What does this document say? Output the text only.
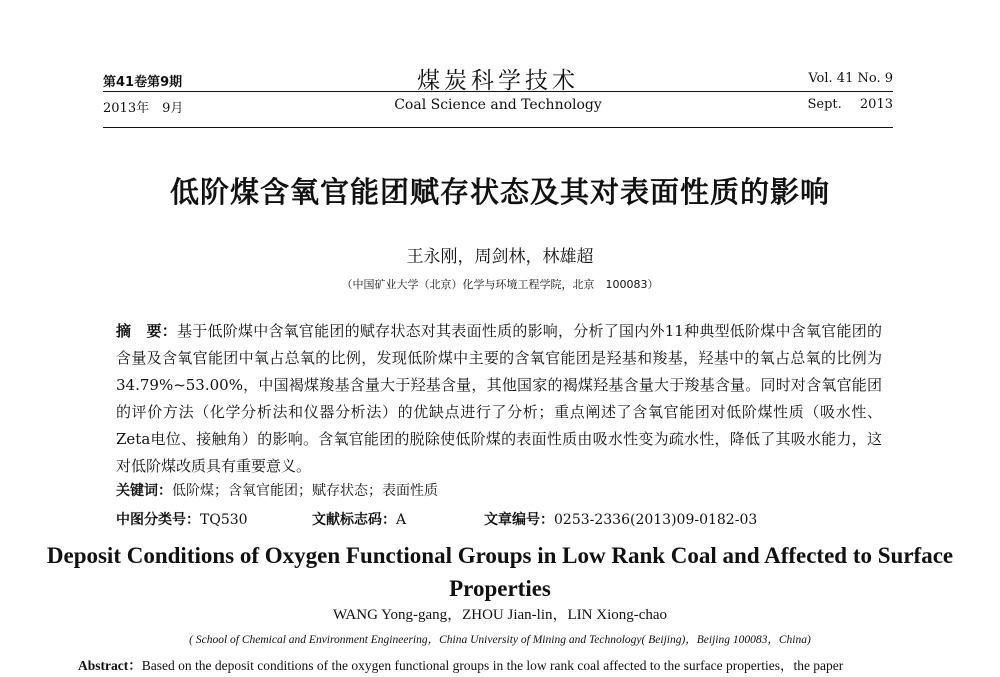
第41卷第9期
2013年　9月
煤炭科学技术
Coal Science and Technology
Vol. 41 No. 9
Sept. 2013
低阶煤含氧官能团赋存状态及其对表面性质的影响
王永刚，周剑林，林雄超
（中国矿业大学（北京）化学与环境工程学院，北京　100083）
摘　要：基于低阶煤中含氧官能团的赋存状态对其表面性质的影响，分析了国内外11种典型低阶煤中含氧官能团的含量及含氧官能团中氧占总氧的比例，发现低阶煤中主要的含氧官能团是羟基和羧基，羟基中的氧占总氧的比例为34.79%~53.00%，中国褐煤羧基含量大于羟基含量，其他国家的褐煤羟基含量大于羧基含量。同时对含氧官能团的评价方法（化学分析法和仪器分析法）的优缺点进行了分析；重点阐述了含氧官能团对低阶煤性质（吸水性、Zeta电位、接触角）的影响。含氧官能团的脱除使低阶煤的表面性质由吸水性变为疏水性，降低了其吸水能力，这对低阶煤改质具有重要意义。
关键词：低阶煤；含氧官能团；赋存状态；表面性质
中图分类号：TQ530	文献标志码：A	文章编号：0253-2336(2013)09-0182-03
Deposit Conditions of Oxygen Functional Groups in Low Rank Coal and Affected to Surface Properties
WANG Yong-gang，ZHOU Jian-lin，LIN Xiong-chao
( School of Chemical and Environment Engineering，China University of Mining and Technology( Beijing)，Beijing 100083，China)
Abstract：Based on the deposit conditions of the oxygen functional groups in the low rank coal affected to the surface properties，the paper
